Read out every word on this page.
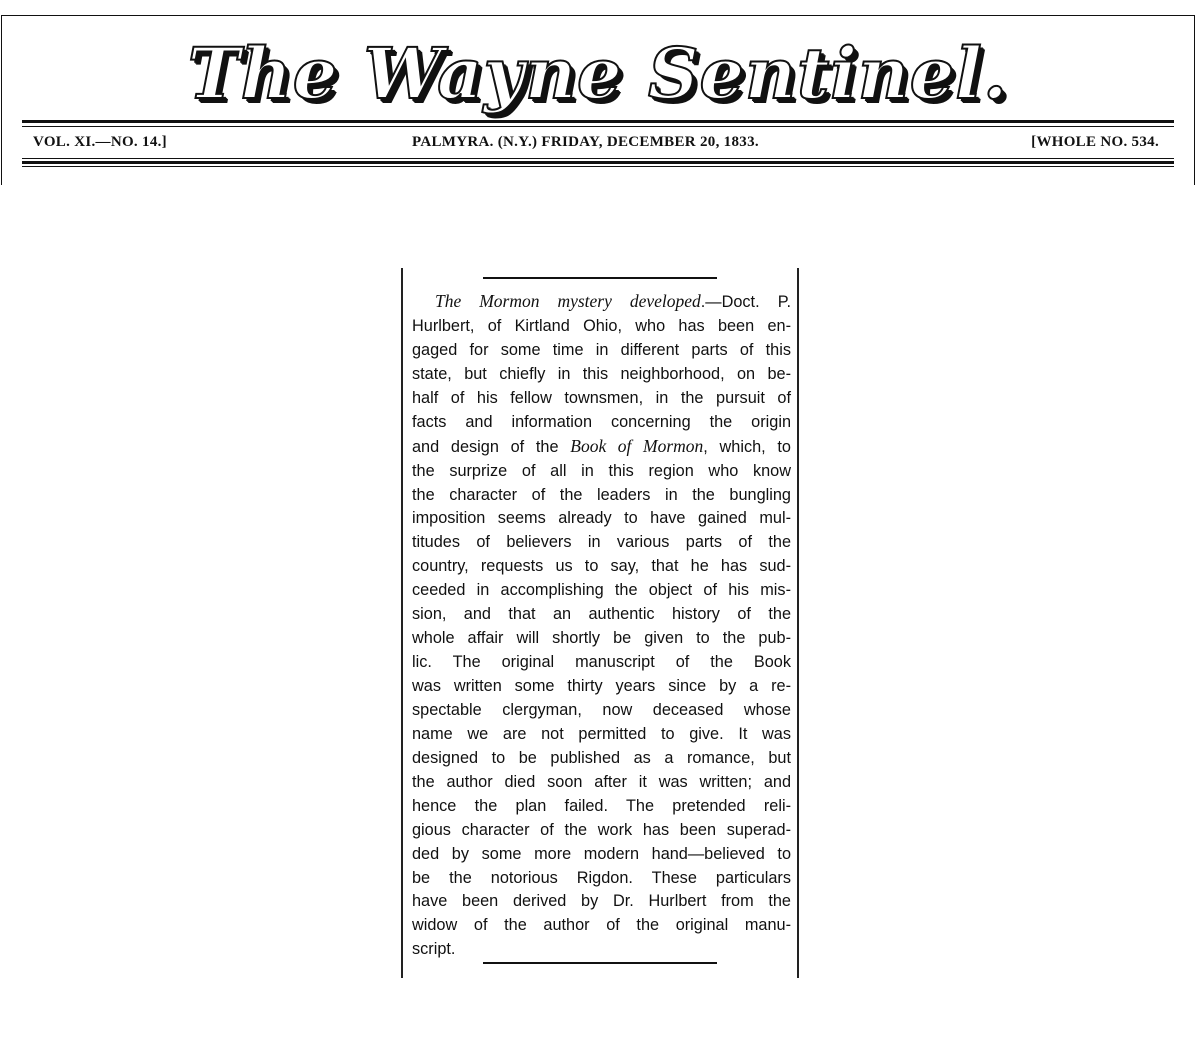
The Wayne Sentinel.
VOL. XI.—NO. 14.]	PALMYRA. (N.Y.) FRIDAY, DECEMBER 20, 1833.	[WHOLE NO. 534.
The Mormon mystery developed.—Doct. P.
Hurlbert, of Kirtland Ohio, who has been en-
gaged for some time in different parts of this
state, but chiefly in this neighborhood, on be-
half of his fellow townsmen, in the pursuit of
facts and information concerning the origin
and design of the Book of Mormon, which, to
the surprize of all in this region who know
the character of the leaders in the bungling
imposition seems already to have gained mul-
titudes of believers in various parts of the
country, requests us to say, that he has sud-
ceeded in accomplishing the object of his mis-
sion, and that an authentic history of the
whole affair will shortly be given to the pub-
lic. The original manuscript of the Book
was written some thirty years since by a re-
spectable clergyman, now deceased whose
name we are not permitted to give. It was
designed to be published as a romance, but
the author died soon after it was written; and
hence the plan failed. The pretended reli-
gious character of the work has been superad-
ded by some more modern hand—believed to
be the notorious Rigdon. These particulars
have been derived by Dr. Hurlbert from the
widow of the author of the original manu-
script.
